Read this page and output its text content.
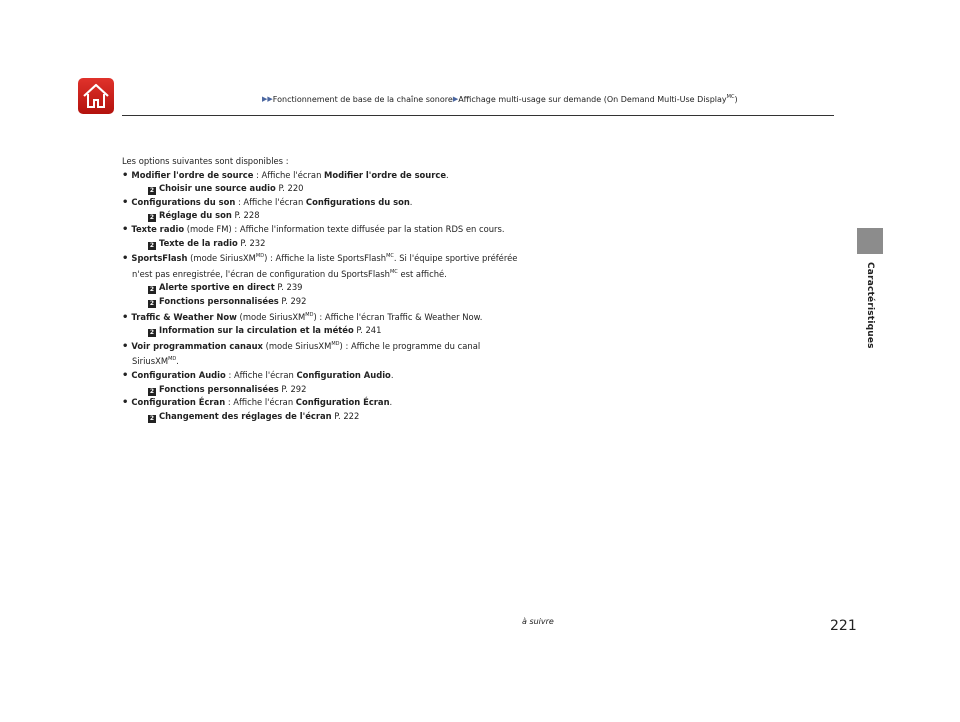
▶▶ Fonctionnement de base de la chaîne sonore ▶ Affichage multi-usage sur demande (On Demand Multi-Use Display$^{MC}$)
Caractéristiques
Les options suivantes sont disponibles :
• Modifier l'ordre de source : Affiche l'écran Modifier l'ordre de source.
2 Choisir une source audio P. 220
• Configurations du son : Affiche l'écran Configurations du son.
2 Réglage du son P. 228
• Texte radio (mode FM) : Affiche l'information texte diffusée par la station RDS en cours.
2 Texte de la radio P. 232
• SportsFlash (mode SiriusXM$^{MD}$) : Affiche la liste SportsFlash$^{MC}$. Si l'équipe sportive préférée
n'est pas enregistrée, l'écran de configuration du SportsFlash$^{MC}$ est affiché.
2 Alerte sportive en direct P. 239
2 Fonctions personnalisées P. 292
• Traffic & Weather Now (mode SiriusXM$^{MD}$) : Affiche l'écran Traffic & Weather Now.
2 Information sur la circulation et la météo P. 241
• Voir programmation canaux (mode SiriusXM$^{MD}$) : Affiche le programme du canal
SiriusXM$^{MD}$.
• Configuration Audio : Affiche l'écran Configuration Audio.
2 Fonctions personnalisées P. 292
• Configuration Écran : Affiche l'écran Configuration Écran.
2 Changement des réglages de l'écran P. 222
à suivre	221
